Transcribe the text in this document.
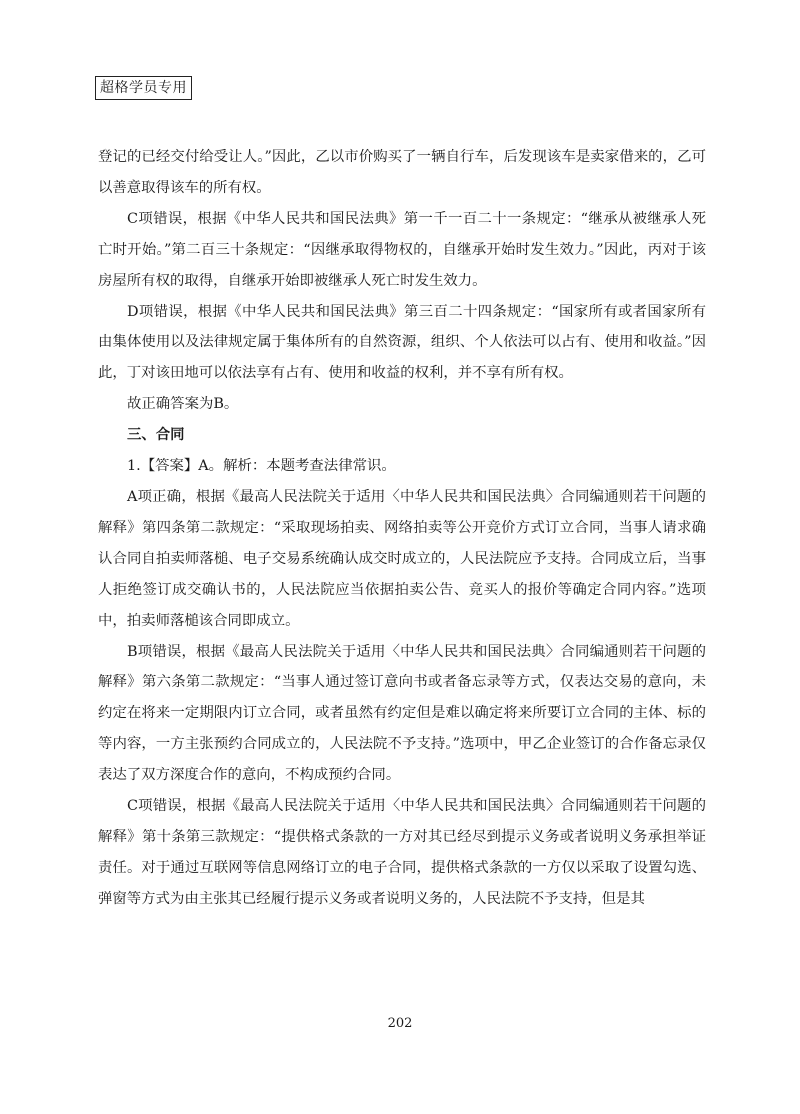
超格学员专用

登记的已经交付给受让人。”因此，乙以市价购买了一辆自行车，后发现该车是卖家借来的，乙可以善意取得该车的所有权。

C项错误，根据《中华人民共和国民法典》第一千一百二十一条规定：“继承从被继承人死亡时开始。”第二百三十条规定：“因继承取得物权的，自继承开始时发生效力。”因此，丙对于该房屋所有权的取得，自继承开始即被继承人死亡时发生效力。

D项错误，根据《中华人民共和国民法典》第三百二十四条规定：“国家所有或者国家所有由集体使用以及法律规定属于集体所有的自然资源，组织、个人依法可以占有、使用和收益。”因此，丁对该田地可以依法享有占有、使用和收益的权利，并不享有所有权。

故正确答案为B。

三、合同

1.【答案】A。解析：本题考查法律常识。

A项正确，根据《最高人民法院关于适用〈中华人民共和国民法典〉合同编通则若干问题的解释》第四条第二款规定：“采取现场拍卖、网络拍卖等公开竞价方式订立合同，当事人请求确认合同自拍卖师落槌、电子交易系统确认成交时成立的，人民法院应予支持。合同成立后，当事人拒绝签订成交确认书的，人民法院应当依据拍卖公告、竞买人的报价等确定合同内容。”选项中，拍卖师落槌该合同即成立。

B项错误，根据《最高人民法院关于适用〈中华人民共和国民法典〉合同编通则若干问题的解释》第六条第二款规定：“当事人通过签订意向书或者备忘录等方式，仅表达交易的意向，未约定在将来一定期限内订立合同，或者虽然有约定但是难以确定将来所要订立合同的主体、标的等内容，一方主张预约合同成立的，人民法院不予支持。”选项中，甲乙企业签订的合作备忘录仅表达了双方深度合作的意向，不构成预约合同。

C项错误，根据《最高人民法院关于适用〈中华人民共和国民法典〉合同编通则若干问题的解释》第十条第三款规定：“提供格式条款的一方对其已经尽到提示义务或者说明义务承担举证责任。对于通过互联网等信息网络订立的电子合同，提供格式条款的一方仅以采取了设置勾选、弹窗等方式为由主张其已经履行提示义务或者说明义务的，人民法院不予支持，但是其

202
